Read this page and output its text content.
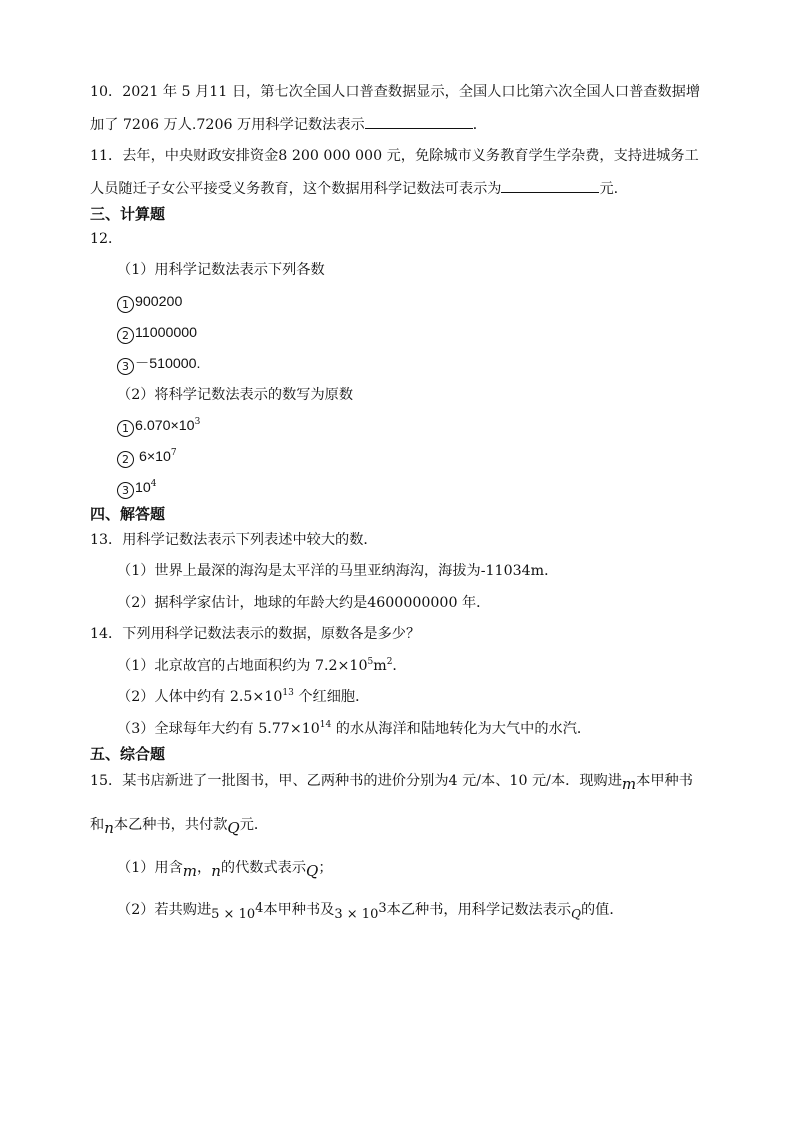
10．2021 年 5 月11 日，第七次全国人口普查数据显示，全国人口比第六次全国人口普查数据增
加了 7206 万人.7206 万用科学记数法表示	．
11．去年，中央财政安排资金8 200 000 000 元，免除城市义务教育学生学杂费，支持进城务工
人员随迁子女公平接受义务教育，这个数据用科学记数法可表示为	元.
三、计算题
12．
（1）用科学记数法表示下列各数
1 900200
2 11000000
3 －510000.
（2）将科学记数法表示的数写为原数
1 $6.070\times 10^3$
2 $6\times 10^7$
3 $10^4$
四、解答题
13．用科学记数法表示下列表述中较大的数．
（1）世界上最深的海沟是太平洋的马里亚纳海沟，海拔为-11034m．
（2）据科学家估计，地球的年龄大约是4600000000 年．
14．下列用科学记数法表示的数据，原数各是多少？
（1）北京故宫的占地面积约为 $7.2\times 10^5m^2$．
（2）人体中约有 $2.5\times 10^{13}$ 个红细胞．
（3）全球每年大约有 $5.77\times 10^{14}$ 的水从海洋和陆地转化为大气中的水汽．
五、综合题
15．某书店新进了一批图书，甲、乙两种书的进价分别为4 元/本、10 元/本．现购进m本甲种书
和n本乙种书，共付款Q元．
（1）用含m，n的代数式表示Q；
（2）若共购进$5 \times 10^4$本甲种书及$3 \times 10^3$本乙种书，用科学记数法表示$_Q$的值．
